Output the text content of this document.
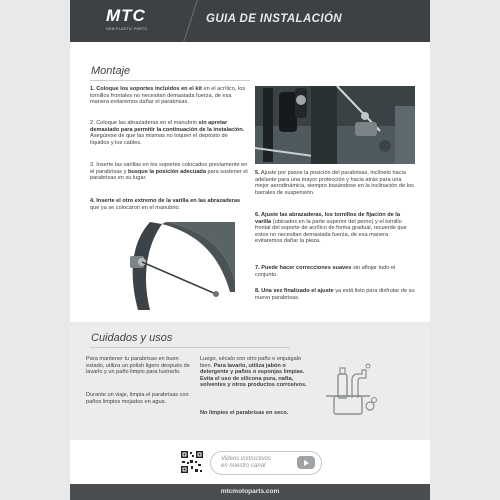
MTC
OEM PLASTIC PARTS
GUIA DE INSTALACIÓN
Montaje
1. Coloque los soportes incluidos en el kit en el acrílico, los tornillos frontales no necesitan demasiada fuerza, de esa manera evitaremos dañar el parabrisas.
2. Coloque las abrazaderas en el manubrio sin apretar demasiado para permitir la continuación de la instalación. Asegúrese de que las mismas no toquen el depósito de líquidos y los cables.
3. Inserte las varillas en los soportes colocados previamente en el parabrisas y busque la posición adecuada para sostener el parabrisas en su lugar.
4. Inserte el otro extremo de la varilla en las abrazaderas que ya se colocaron en el manubrio.
5. Ajuste por pasos la posición del parabrisas, inclínelo hacia adelante para una mayor protección y hacia atrás para una mejor aerodinámica, siempre basándose en la inclinación de los barrales de suspensión.
6. Ajuste las abrazaderas, los tornillos de fijación de la varilla (ubicados en la parte superior del perno) y el tornillo frontal del soporte de acrílico de forma gradual, recuerde que estos no necesitan demasiada fuerza, de esa manera evitaremos dañar la pieza.
7. Puede hacer correcciones suaves sin aflojar todo el conjunto.
8. Una vez finalizado el ajuste ya está listo para disfrutar de su nuevo parabrisas.
Cuidados y usos
Para mantener tu parabrisas en buen estado, utiliza un polish ligero después de lavarlo y un paño limpio para lustrarlo.
Durante un viaje, limpia el parabrisas con paños limpios mojados en agua.
Luego, sécalo con otro paño o enjuágalo bien. Para lavarlo, utiliza jabón o detergente y paños o esponjas limpias. Evita el uso de silicona pura, nafta, solventes y otros productos corrosivos.
No limpies el parabrisas en seco.
Videos instructivos
en nuestro canal
mtcmotoparts.com
